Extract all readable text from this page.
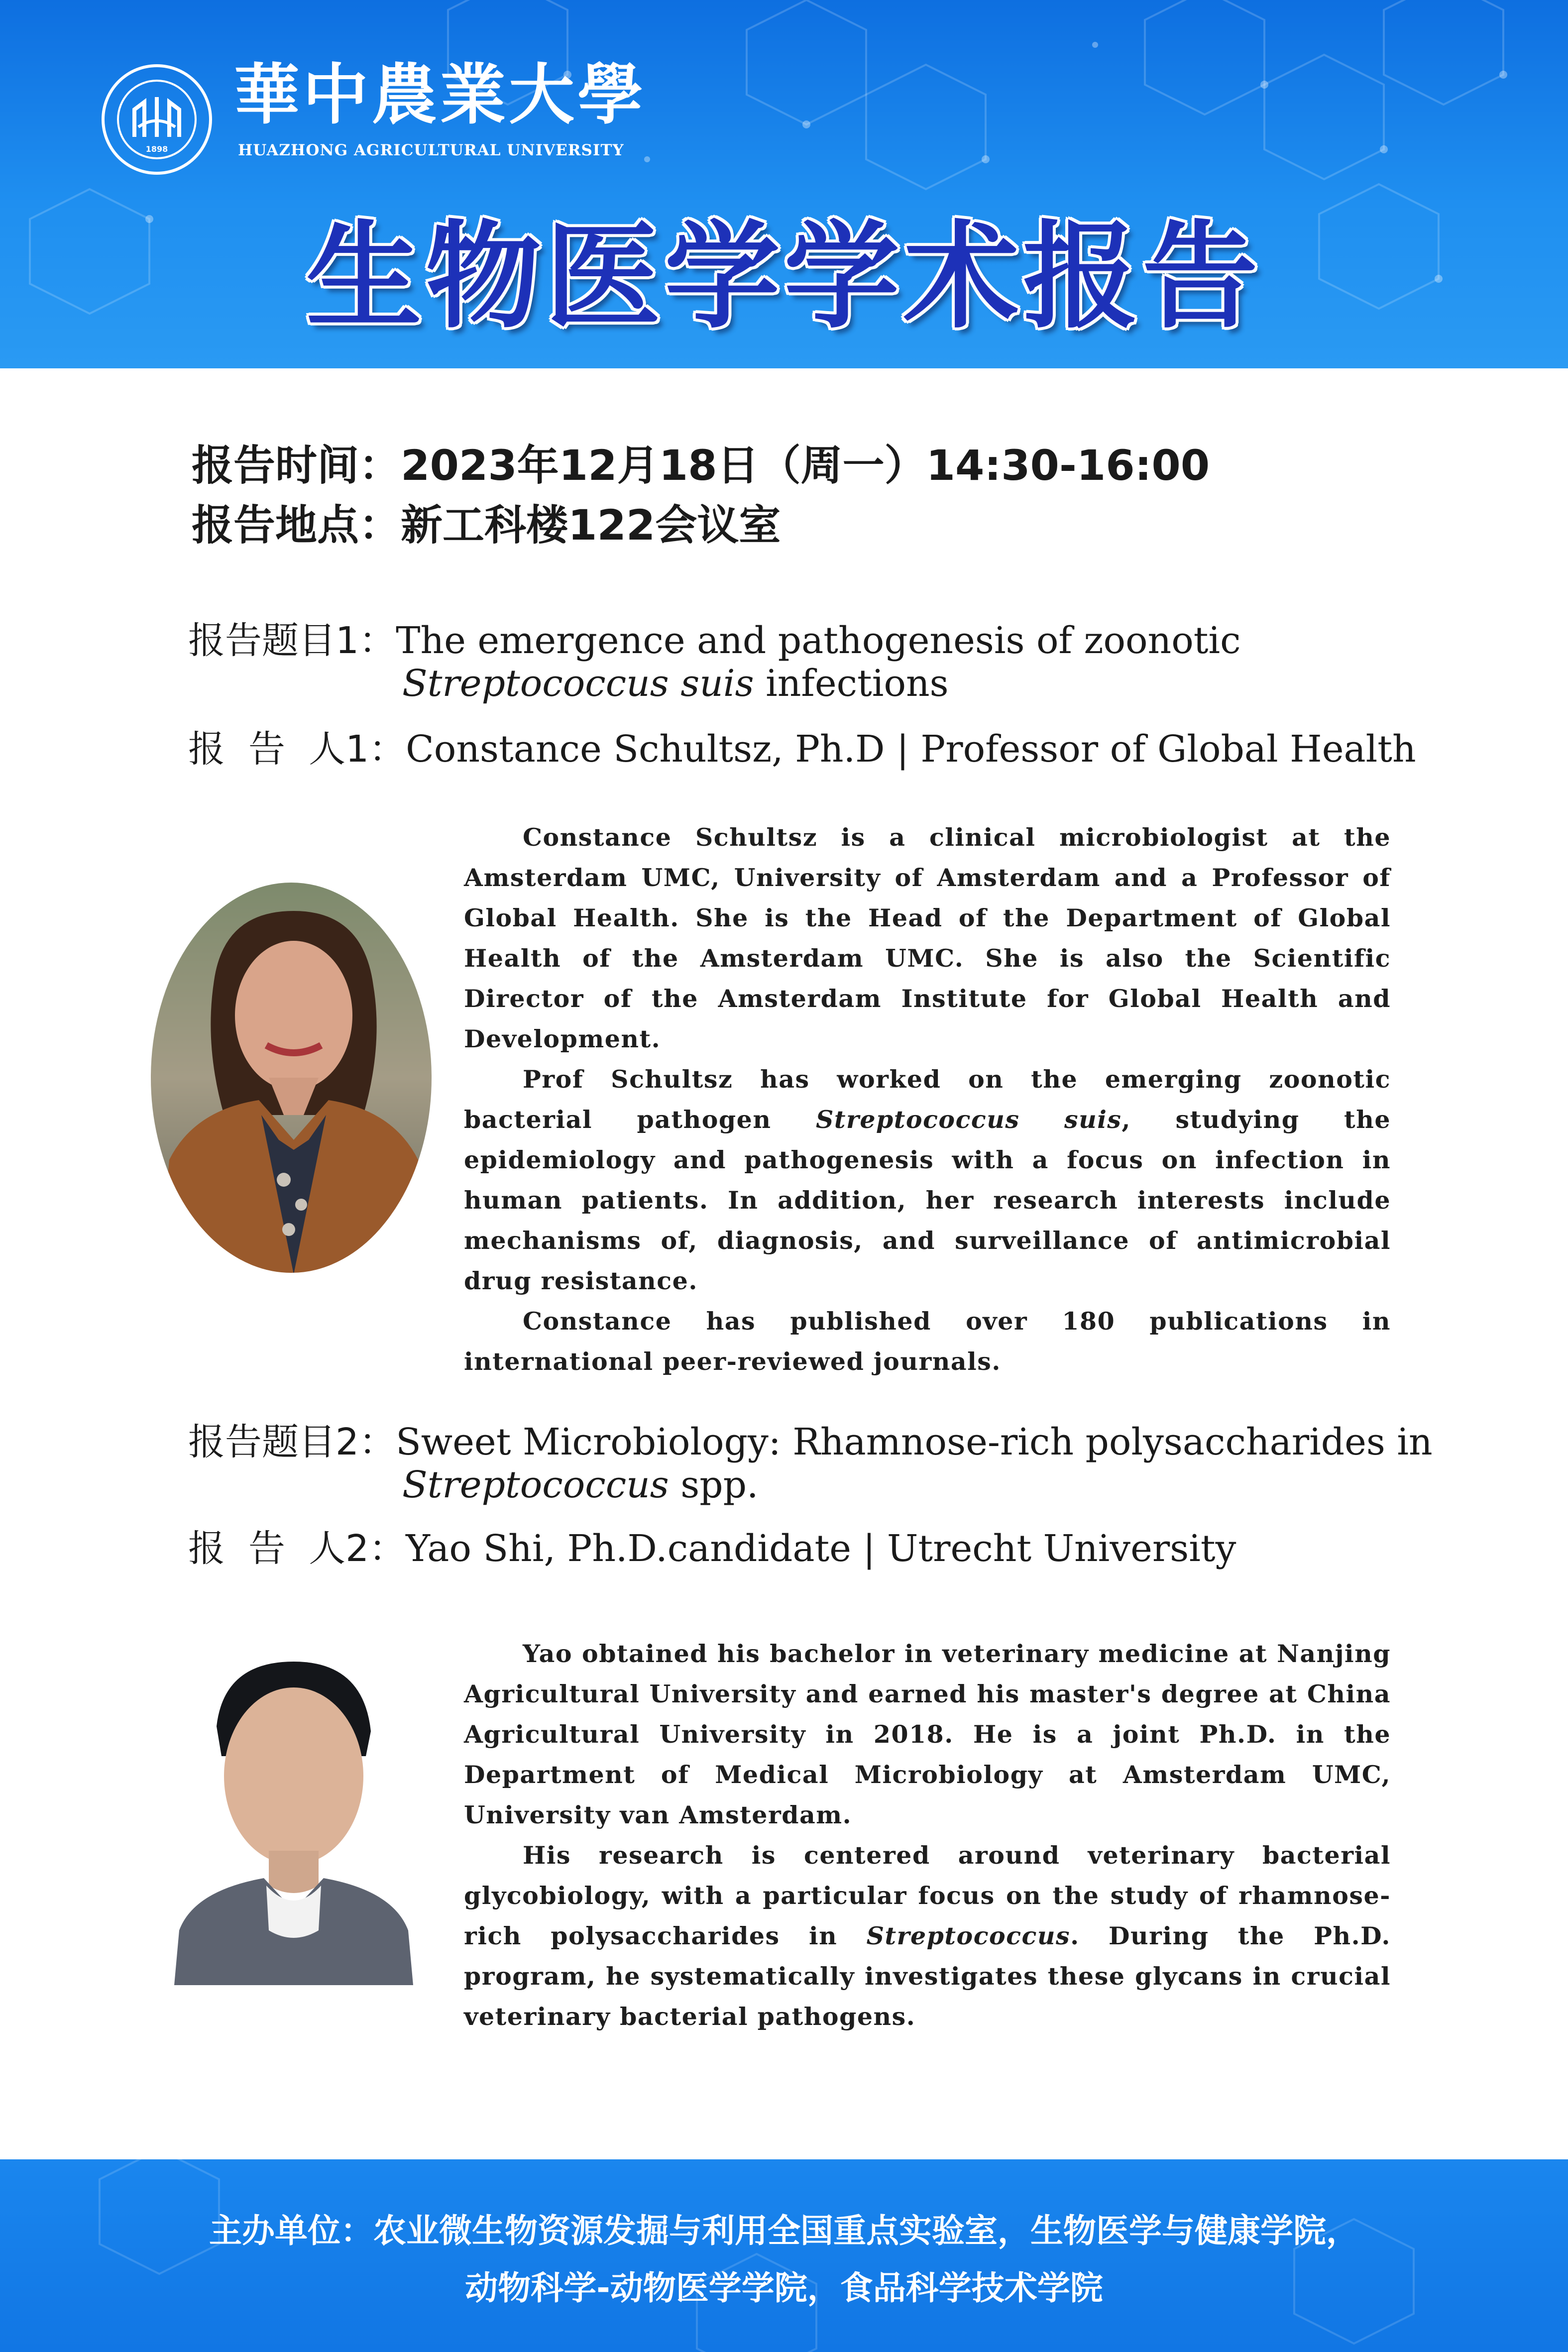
1898
華中農業大學
HUAZHONG AGRICULTURAL UNIVERSITY
生物医学学术报告
报告时间：2023年12月18日（周一）14:30-16:00
报告地点：新工科楼122会议室
报告题目1：The emergence and pathogenesis of zoonotic
Streptococcus suis infections
报  告  人1：Constance Schultsz, Ph.D | Professor of Global Health

Constance Schultsz is a clinical microbiologist at the Amsterdam UMC, University of Amsterdam and a Professor of Global Health. She is the Head of the Department of Global Health of the Amsterdam UMC. She is also the Scientific Director of the Amsterdam Institute for Global Health and Development.

Prof Schultsz has worked on the emerging zoonotic bacterial pathogen Streptococcus suis, studying the epidemiology and pathogenesis with a focus on infection in human patients. In addition, her research interests include mechanisms of, diagnosis, and surveillance of antimicrobial drug resistance.

Constance has published over 180 publications in international peer-reviewed journals.

报告题目2：Sweet Microbiology: Rhamnose-rich polysaccharides in
Streptococcus spp.
报  告  人2：Yao Shi, Ph.D.candidate | Utrecht University

Yao obtained his bachelor in veterinary medicine at Nanjing Agricultural University and earned his master's degree at China Agricultural University in 2018. He is a joint Ph.D. in the Department of Medical Microbiology at Amsterdam UMC, University van Amsterdam.

His research is centered around veterinary bacterial glycobiology, with a particular focus on the study of rhamnose-rich polysaccharides in Streptococcus. During the Ph.D. program, he systematically investigates these glycans in crucial veterinary bacterial pathogens.

主办单位：农业微生物资源发掘与利用全国重点实验室，生物医学与健康学院，
动物科学-动物医学学院，食品科学技术学院
